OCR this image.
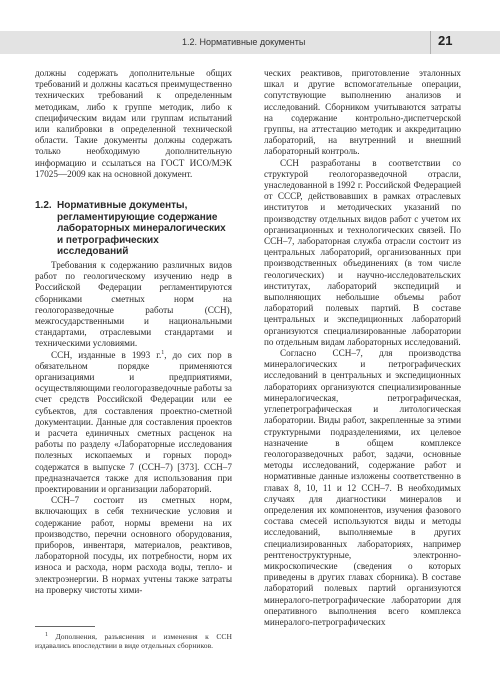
1.2. Нормативные документы	21

должны содержать дополнительные общих требований и должны касаться преимущественно технических требований к определенным методикам, либо к группе методик, либо к специфическим видам или группам испытаний или калибровки в определенной технической области. Такие документы должны содержать только необходимую дополнительную информацию и ссылаться на ГОСТ ИСО/МЭК 17025—2009 как на основной документ.

1.2. Нормативные документы, регламентирующие содержание лабораторных минералогических и петрографических исследований

Требования к содержанию различных видов работ по геологическому изучению недр в Российской Федерации регламентируются сборниками сметных норм на геологоразведочные работы (ССН), межгосударственными и национальными стандартами, отраслевыми стандартами и техническими условиями.

ССН, изданные в 1993 г.$^1$, до сих пор в обязательном порядке применяются организациями и предприятиями, осуществляющими геологоразведочные работы за счет средств Российской Федерации или ее субъектов, для составления проектно-сметной документации. Данные для составления проектов и расчета единичных сметных расценок на работы по разделу «Лабораторные исследования полезных ископаемых и горных пород» содержатся в выпуске 7 (ССН–7) [373]. ССН–7 предназначается также для использования при проектировании и организации лабораторий.

ССН–7 состоит из сметных норм, включающих в себя технические условия и содержание работ, нормы времени на их производство, перечни основного оборудования, приборов, инвентаря, материалов, реактивов, лабораторной посуды, их потребности, норм их износа и расхода, норм расхода воды, тепло- и электроэнергии. В нормах учтены также затраты на проверку чистоты хими-

$^1$ Дополнения, разъяснения и изменения к ССН издавались впоследствии в виде отдельных сборников.

ческих реактивов, приготовление эталонных шкал и другие вспомогательные операции, сопутствующие выполнению анализов и исследований. Сборником учитываются затраты на содержание контрольно-диспетчерской группы, на аттестацию методик и аккредитацию лабораторий, на внутренний и внешний лабораторный контроль.

ССН разработаны в соответствии со структурой геологоразведочной отрасли, унаследованной в 1992 г. Российской Федерацией от СССР, действовавших в рамках отраслевых институтов и методических указаний по производству отдельных видов работ с учетом их организационных и технологических связей. По ССН–7, лабораторная служба отрасли состоит из центральных лабораторий, организованных при производственных объединениях (в том числе геологических) и научно-исследовательских институтах, лабораторий экспедиций и выполняющих небольшие объемы работ лабораторий полевых партий. В составе центральных и экспедиционных лабораторий организуются специализированные лаборатории по отдельным видам лабораторных исследований.

Согласно ССН–7, для производства минералогических и петрографических исследований в центральных и экспедиционных лабораториях организуются специализированные минералогическая, петрографическая, углепетрографическая и литологическая лаборатории. Виды работ, закрепленные за этими структурными подразделениями, их целевое назначение в общем комплексе геологоразведочных работ, задачи, основные методы исследований, содержание работ и нормативные данные изложены соответственно в главах 8, 10, 11 и 12 ССН–7. В необходимых случаях для диагностики минералов и определения их компонентов, изучения фазового состава смесей используются виды и методы исследований, выполняемые в других специализированных лабораториях, например рентгеноструктурные, электронно-микроскопические (сведения о которых приведены в других главах сборника). В составе лабораторий полевых партий организуются минералого-петрографические лаборатории для оперативного выполнения всего комплекса минералого-петрографических
